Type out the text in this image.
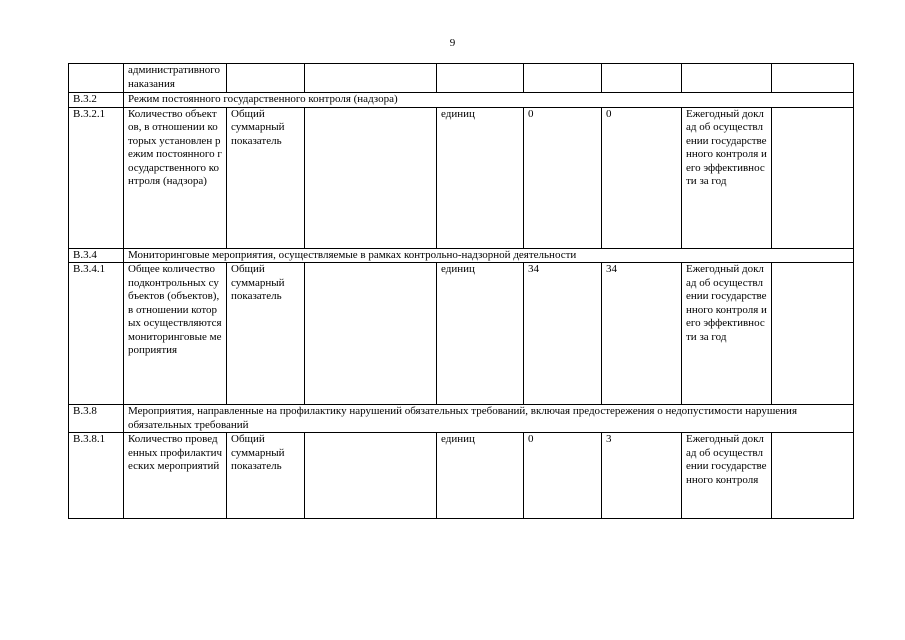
9
	административного наказания							
В.3.2	Режим постоянного государственного контроля (надзора)							
В.3.2.1	Количество объектов, в отношении которых установлен режим постоянного государственного контроля (надзора)	Общий суммарный показатель		единиц	0	0	Ежегодный доклад об осуществлении государственного контроля и его эффективности за год	
В.3.4	Мониторинговые мероприятия, осуществляемые в рамках контрольно-надзорной деятельности							
В.3.4.1	Общее количество подконтрольных субъектов (объектов), в отношении которых осуществляются мониторинговые мероприятия	Общий суммарный показатель		единиц	34	34	Ежегодный доклад об осуществлении государственного контроля и его эффективности за год	
В.3.8	Мероприятия, направленные на профилактику нарушений обязательных требований, включая предостережения о недопустимости нарушения обязательных требований							
В.3.8.1	Количество проведенных профилактических мероприятий	Общий суммарный показатель		единиц	0	3	Ежегодный доклад об осуществлении государственного контроля	
